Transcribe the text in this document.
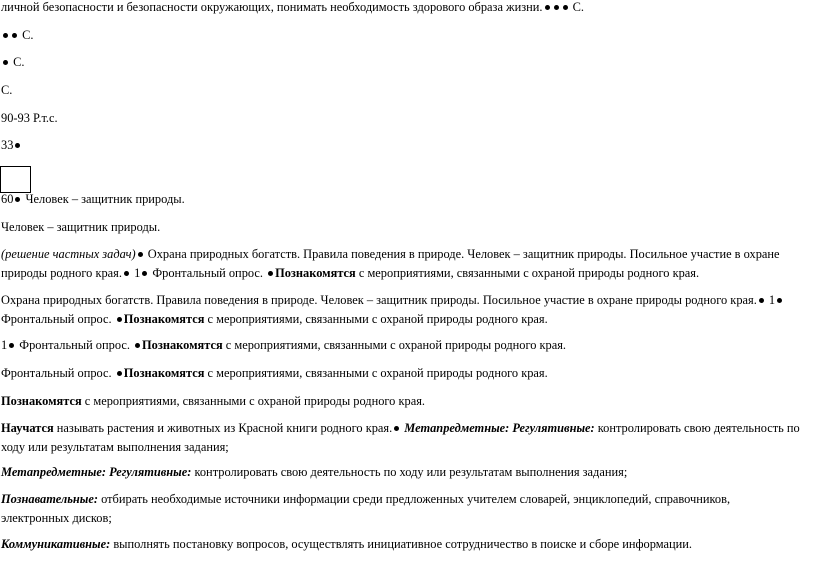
личной безопасности и безопасности окружающих, понимать необходимость здорового образа жизни. С.
С.
С.
С.
90-93 Р.т.с.
33
60 Человек – защитник природы.
Человек – защитник природы.
(решение частных задач) Охрана природных богатств. Правила поведения в природе. Человек – защитник природы. Посильное участие в охране природы родного края. 1 Фронтальный опрос. Познакомятся с мероприятиями, связанными с охраной природы родного края.
Охрана природных богатств. Правила поведения в природе. Человек – защитник природы. Посильное участие в охране природы родного края. 1 Фронтальный опрос. Познакомятся с мероприятиями, связанными с охраной природы родного края.
1 Фронтальный опрос. Познакомятся с мероприятиями, связанными с охраной природы родного края.
Фронтальный опрос. Познакомятся с мероприятиями, связанными с охраной природы родного края.
Познакомятся с мероприятиями, связанными с охраной природы родного края.
Научатся называть растения и животных из Красной книги родного края. Метапредметные: Регулятивные: контролировать свою деятельность по ходу или результатам выполнения задания;
Метапредметные: Регулятивные: контролировать свою деятельность по ходу или результатам выполнения задания;
Познавательные: отбирать необходимые источники информации среди предложенных учителем словарей, энциклопедий, справочников, электронных дисков;
Коммуникативные: выполнять постановку вопросов, осуществлять инициативное сотрудничество в поиске и сборе информации.
